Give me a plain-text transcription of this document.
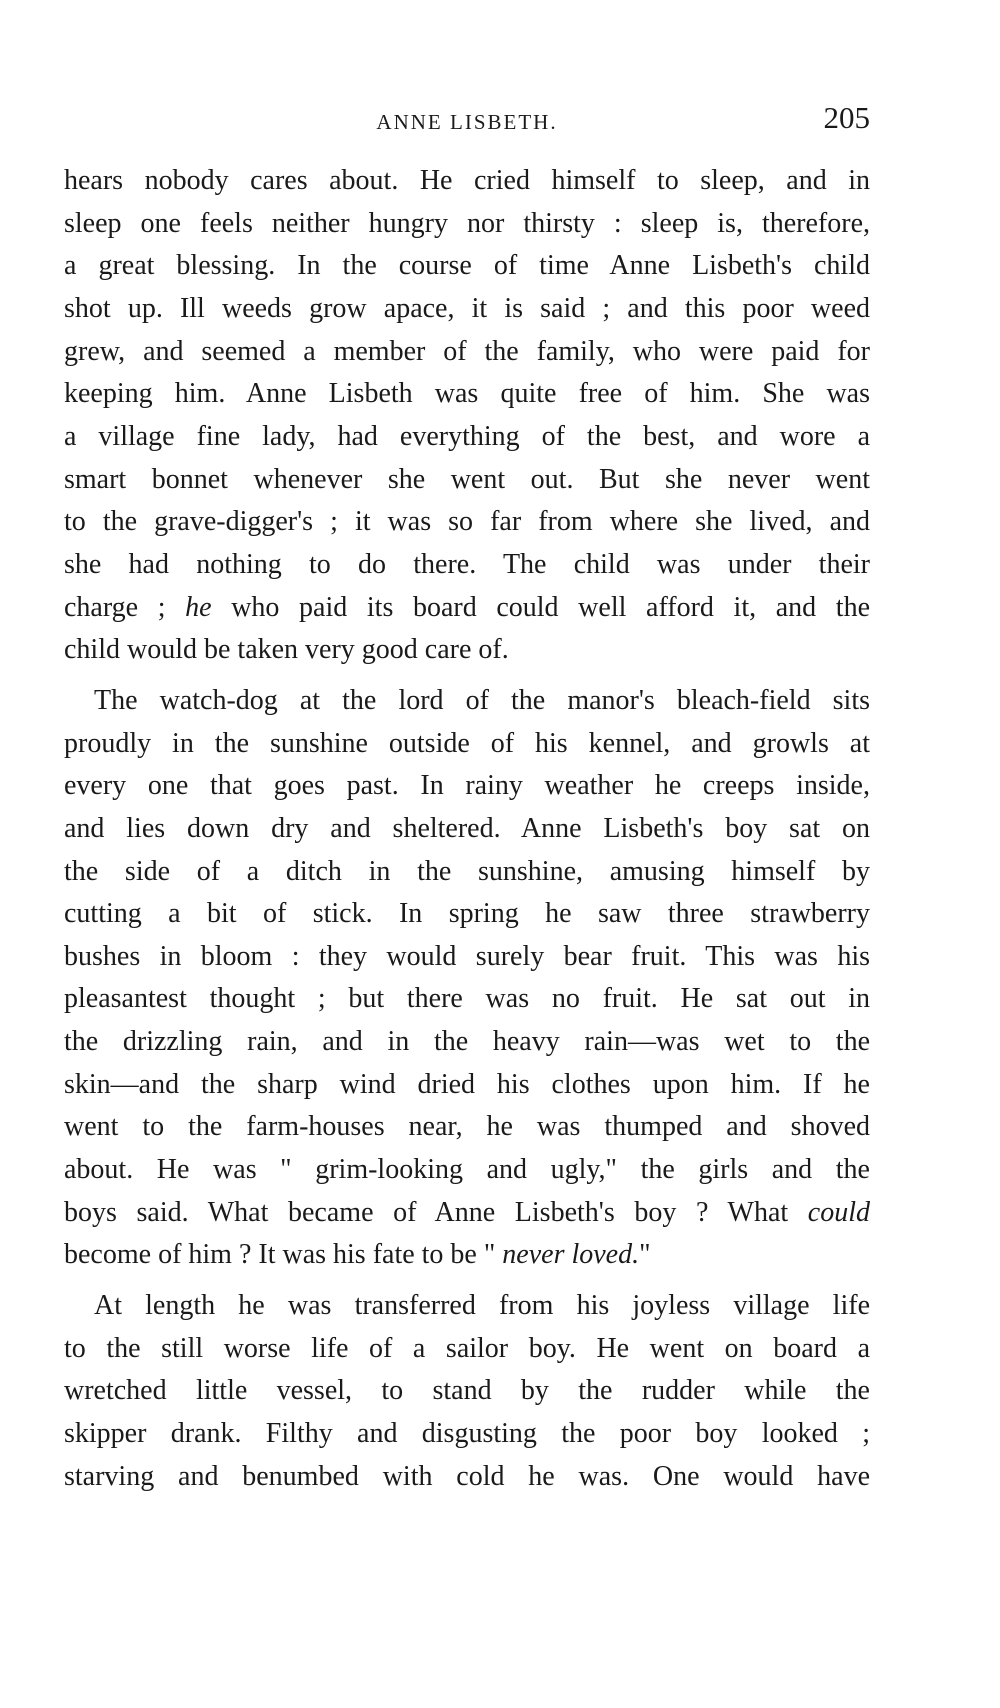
ANNE LISBETH.	205
hears nobody cares about. He cried himself to sleep, and in
sleep one feels neither hungry nor thirsty : sleep is, therefore,
a great blessing. In the course of time Anne Lisbeth's child
shot up. Ill weeds grow apace, it is said ; and this poor weed
grew, and seemed a member of the family, who were paid for
keeping him. Anne Lisbeth was quite free of him. She was
a village fine lady, had everything of the best, and wore a
smart bonnet whenever she went out. But she never went
to the grave-digger's ; it was so far from where she lived, and
she had nothing to do there. The child was under their
charge ; he who paid its board could well afford it, and the
child would be taken very good care of.
The watch-dog at the lord of the manor's bleach-field sits
proudly in the sunshine outside of his kennel, and growls at
every one that goes past. In rainy weather he creeps inside,
and lies down dry and sheltered. Anne Lisbeth's boy sat on
the side of a ditch in the sunshine, amusing himself by
cutting a bit of stick. In spring he saw three strawberry
bushes in bloom : they would surely bear fruit. This was his
pleasantest thought ; but there was no fruit. He sat out in
the drizzling rain, and in the heavy rain—was wet to the
skin—and the sharp wind dried his clothes upon him. If he
went to the farm-houses near, he was thumped and shoved
about. He was " grim-looking and ugly," the girls and the
boys said. What became of Anne Lisbeth's boy ? What could
become of him ? It was his fate to be " never loved."
At length he was transferred from his joyless village life
to the still worse life of a sailor boy. He went on board a
wretched little vessel, to stand by the rudder while the
skipper drank. Filthy and disgusting the poor boy looked ;
starving and benumbed with cold he was. One would have
